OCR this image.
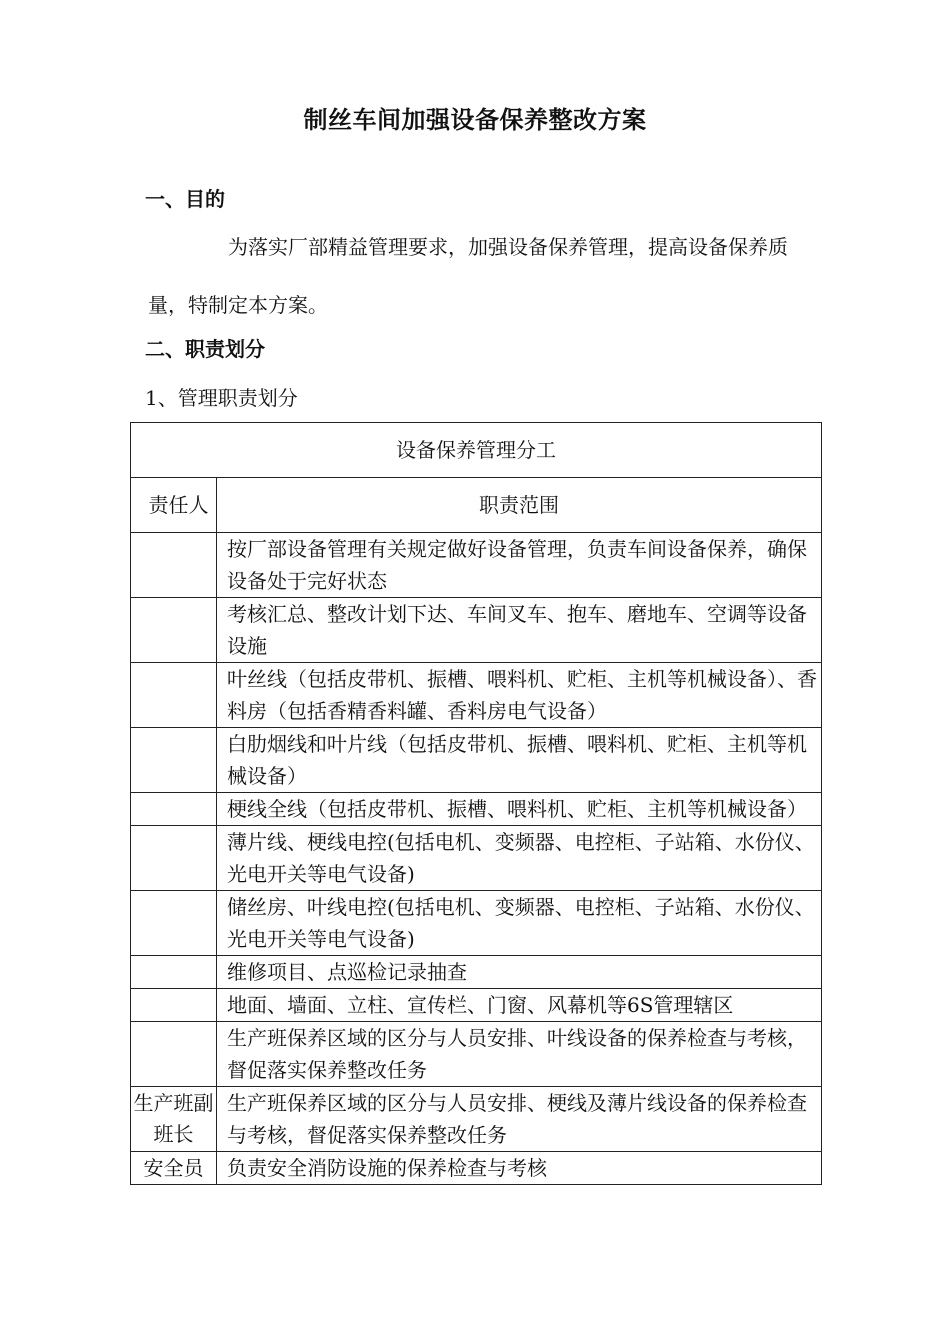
制丝车间加强设备保养整改方案
一、目的
为落实厂部精益管理要求，加强设备保养管理，提高设备保养质量，特制定本方案。
二、职责划分
1、管理职责划分
设备保养管理分工	
责任人	职责范围
	按厂部设备管理有关规定做好设备管理，负责车间设备保养，确保设备处于完好状态
	考核汇总、整改计划下达、车间叉车、抱车、磨地车、空调等设备设施
	叶丝线（包括皮带机、振槽、喂料机、贮柜、主机等机械设备）、香料房（包括香精香料罐、香料房电气设备）
	白肋烟线和叶片线（包括皮带机、振槽、喂料机、贮柜、主机等机械设备）
	梗线全线（包括皮带机、振槽、喂料机、贮柜、主机等机械设备）
	薄片线、梗线电控(包括电机、变频器、电控柜、子站箱、水份仪、光电开关等电气设备)
	储丝房、叶线电控(包括电机、变频器、电控柜、子站箱、水份仪、光电开关等电气设备)
	维修项目、点巡检记录抽查
	地面、墙面、立柱、宣传栏、门窗、风幕机等6S管理辖区
	生产班保养区域的区分与人员安排、叶线设备的保养检查与考核，督促落实保养整改任务
生产班副班长	生产班保养区域的区分与人员安排、梗线及薄片线设备的保养检查与考核，督促落实保养整改任务
安全员	负责安全消防设施的保养检查与考核
